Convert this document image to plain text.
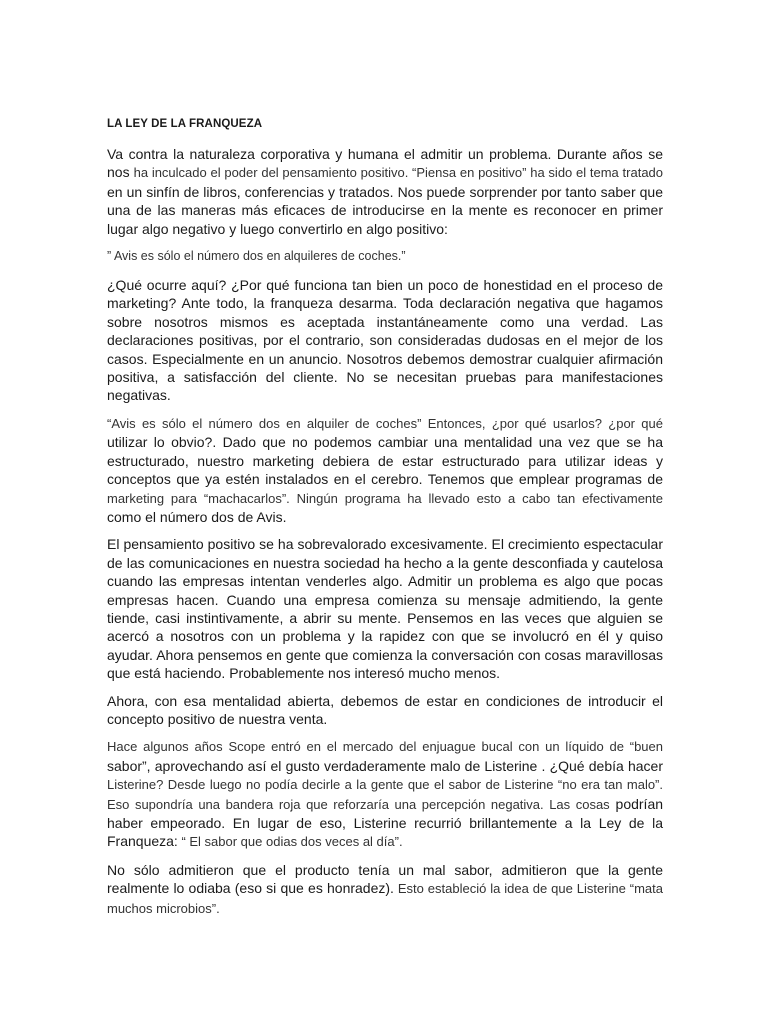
LA LEY DE LA FRANQUEZA
Va contra la naturaleza corporativa y humana el admitir un problema. Durante años se nos ha inculcado el poder del pensamiento positivo. “Piensa en positivo” ha sido el tema tratado en un sinfín de libros, conferencias y tratados. Nos puede sorprender por tanto saber que una de las maneras más eficaces de introducirse en la mente es reconocer en primer lugar algo negativo y luego convertirlo en algo positivo:
” Avis es sólo el número dos en alquileres de coches.”
¿Qué ocurre aquí? ¿Por qué funciona tan bien un poco de honestidad en el proceso de marketing? Ante todo, la franqueza desarma. Toda declaración negativa que hagamos sobre nosotros mismos es aceptada instantáneamente como una verdad. Las declaraciones positivas, por el contrario, son consideradas dudosas en el mejor de los casos. Especialmente en un anuncio. Nosotros debemos demostrar cualquier afirmación positiva, a satisfacción del cliente. No se necesitan pruebas para manifestaciones negativas.
“Avis es sólo el número dos en alquiler de coches” Entonces, ¿por qué usarlos? ¿por qué utilizar lo obvio?. Dado que no podemos cambiar una mentalidad una vez que se ha estructurado, nuestro marketing debiera de estar estructurado para utilizar ideas y conceptos que ya estén instalados en el cerebro. Tenemos que emplear programas de marketing para “machacarlos”. Ningún programa ha llevado esto a cabo tan efectivamente como el número dos de Avis.
El pensamiento positivo se ha sobrevalorado excesivamente. El crecimiento espectacular de las comunicaciones en nuestra sociedad ha hecho a la gente desconfiada y cautelosa cuando las empresas intentan venderles algo. Admitir un problema es algo que pocas empresas hacen. Cuando una empresa comienza su mensaje admitiendo, la gente tiende, casi instintivamente, a abrir su mente. Pensemos en las veces que alguien se acercó a nosotros con un problema y la rapidez con que se involucró en él y quiso ayudar. Ahora pensemos en gente que comienza la conversación con cosas maravillosas que está haciendo. Probablemente nos interesó mucho menos.
Ahora, con esa mentalidad abierta, debemos de estar en condiciones de introducir el concepto positivo de nuestra venta.
Hace algunos años Scope entró en el mercado del enjuague bucal con un líquido de “buen sabor”, aprovechando así el gusto verdaderamente malo de Listerine . ¿Qué debía hacer Listerine? Desde luego no podía decirle a la gente que el sabor de Listerine “no era tan malo”. Eso supondría una bandera roja que reforzaría una percepción negativa. Las cosas podrían haber empeorado. En lugar de eso, Listerine recurrió brillantemente a la Ley de la Franqueza: “ El sabor que odias dos veces al día”.
No sólo admitieron que el producto tenía un mal sabor, admitieron que la gente realmente lo odiaba (eso si que es honradez). Esto estableció la idea de que Listerine “mata muchos microbios”.
